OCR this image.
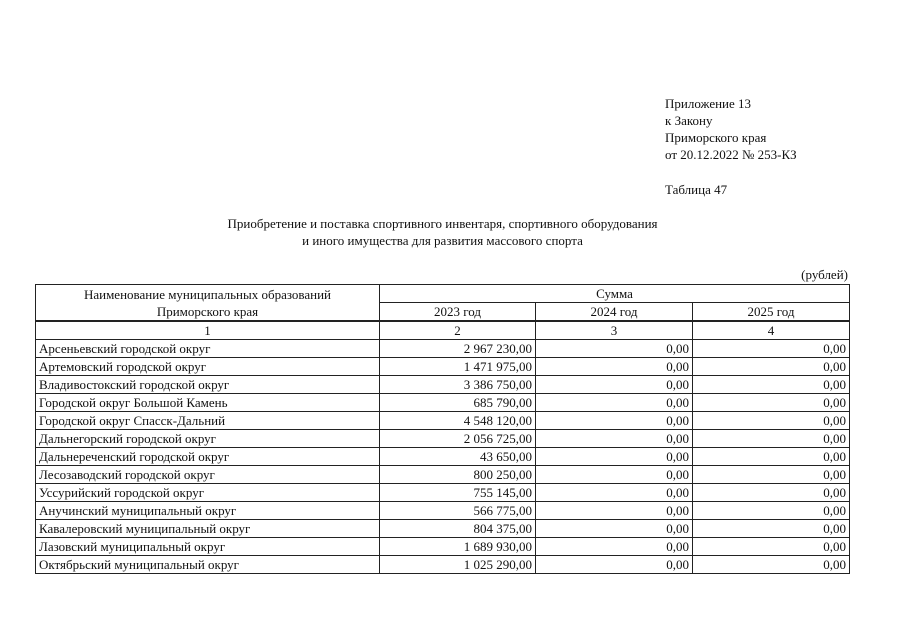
Приложение 13
к Закону
Приморского края
от 20.12.2022 № 253-КЗ
Таблица 47
Приобретение и поставка спортивного инвентаря, спортивного оборудования
и иного имущества для развития массового спорта
(рублей)
Наименование муниципальных образований
Приморского края	Сумма		
	2023 год	2024 год	2025 год
1	2	3	4
Арсеньевский городской округ	2 967 230,00	0,00	0,00
Артемовский городской округ	1 471 975,00	0,00	0,00
Владивостокский городской округ	3 386 750,00	0,00	0,00
Городской округ Большой Камень	685 790,00	0,00	0,00
Городской округ Спасск-Дальний	4 548 120,00	0,00	0,00
Дальнегорский городской округ	2 056 725,00	0,00	0,00
Дальнереченский городской округ	43 650,00	0,00	0,00
Лесозаводский городской округ	800 250,00	0,00	0,00
Уссурийский городской округ	755 145,00	0,00	0,00
Анучинский муниципальный округ	566 775,00	0,00	0,00
Кавалеровский муниципальный округ	804 375,00	0,00	0,00
Лазовский муниципальный округ	1 689 930,00	0,00	0,00
Октябрьский муниципальный округ	1 025 290,00	0,00	0,00
